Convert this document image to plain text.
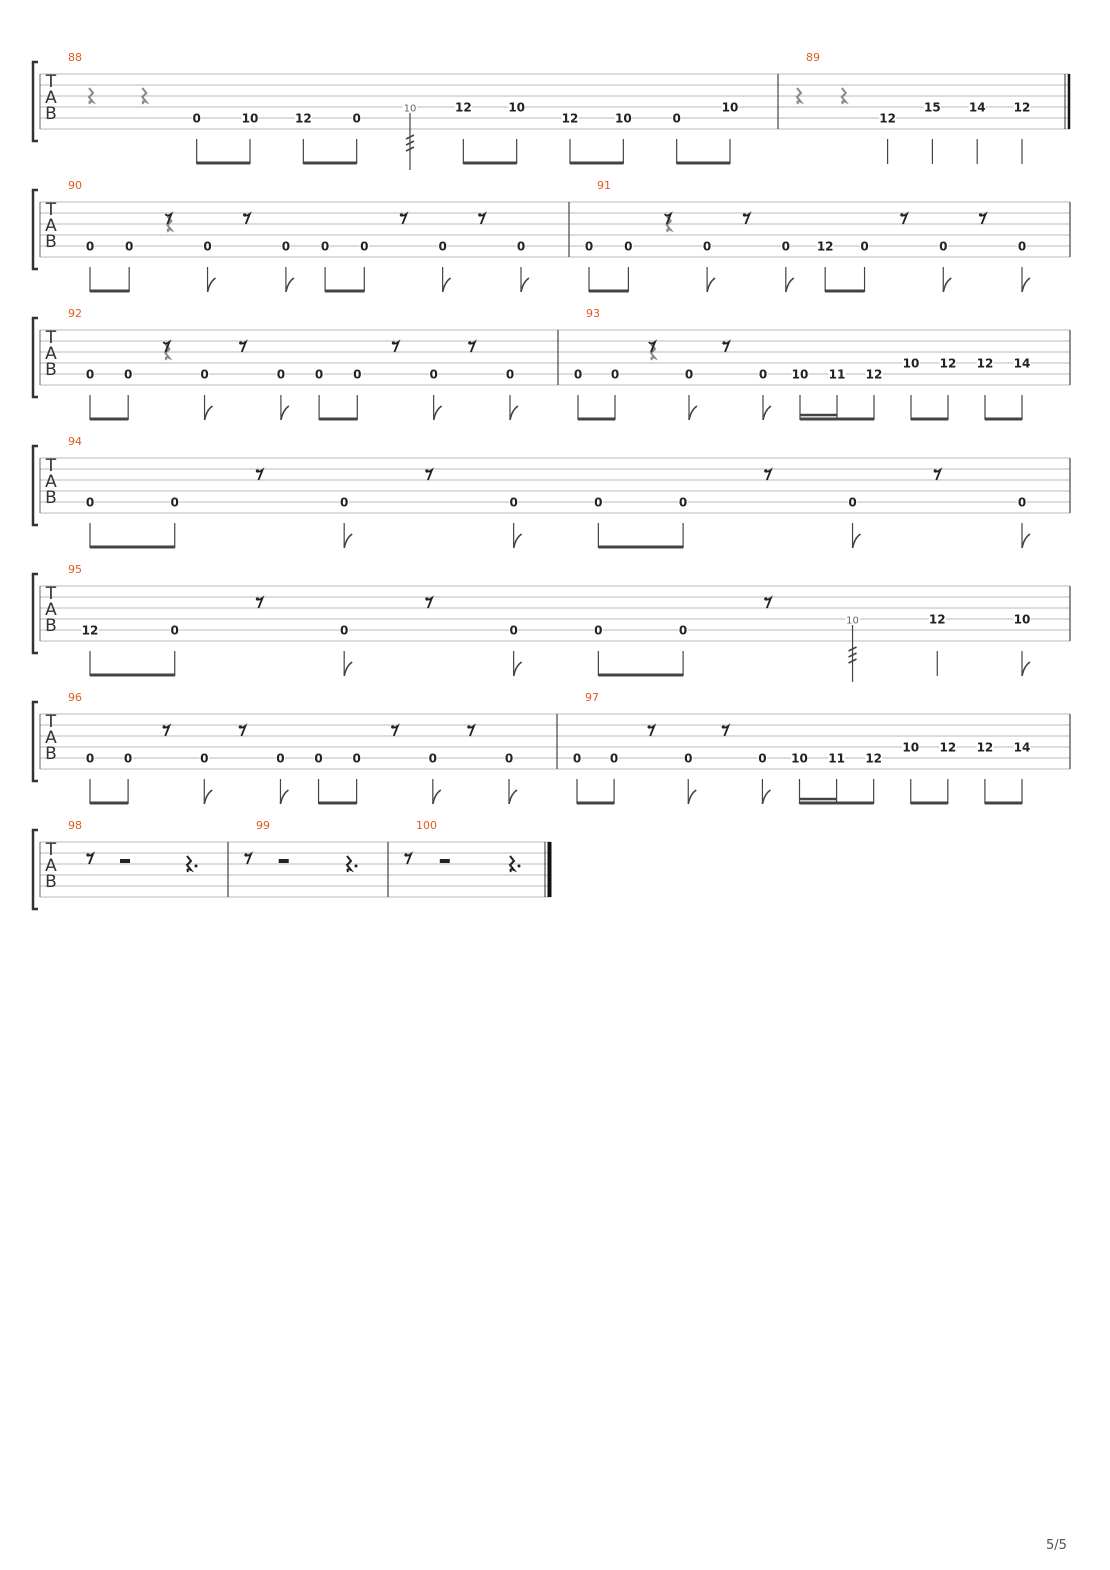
T
A
B
88
0	10	12	0
10	12	10
12	10	0
10
89
12
15 14 12
T
A
B
90
0	0	0	0	0	0	0	0
91
0	0	0	0 12 0	0	0
T
A
B
92
0 0	0	0 0 0	0	0
93
0 0	0	0 10 11 12
10 12 12 14
T
A
B
94
0	0	0	0	0	0	0	0
T
A
B
95
12	0	0	0	0	0
10	12	10
T
A
B
96
0 0	0	0 0 0	0	0
97
0 0	0	0 10 11 12
10 12 12 14
T
A
B
98	99	100
5/5
